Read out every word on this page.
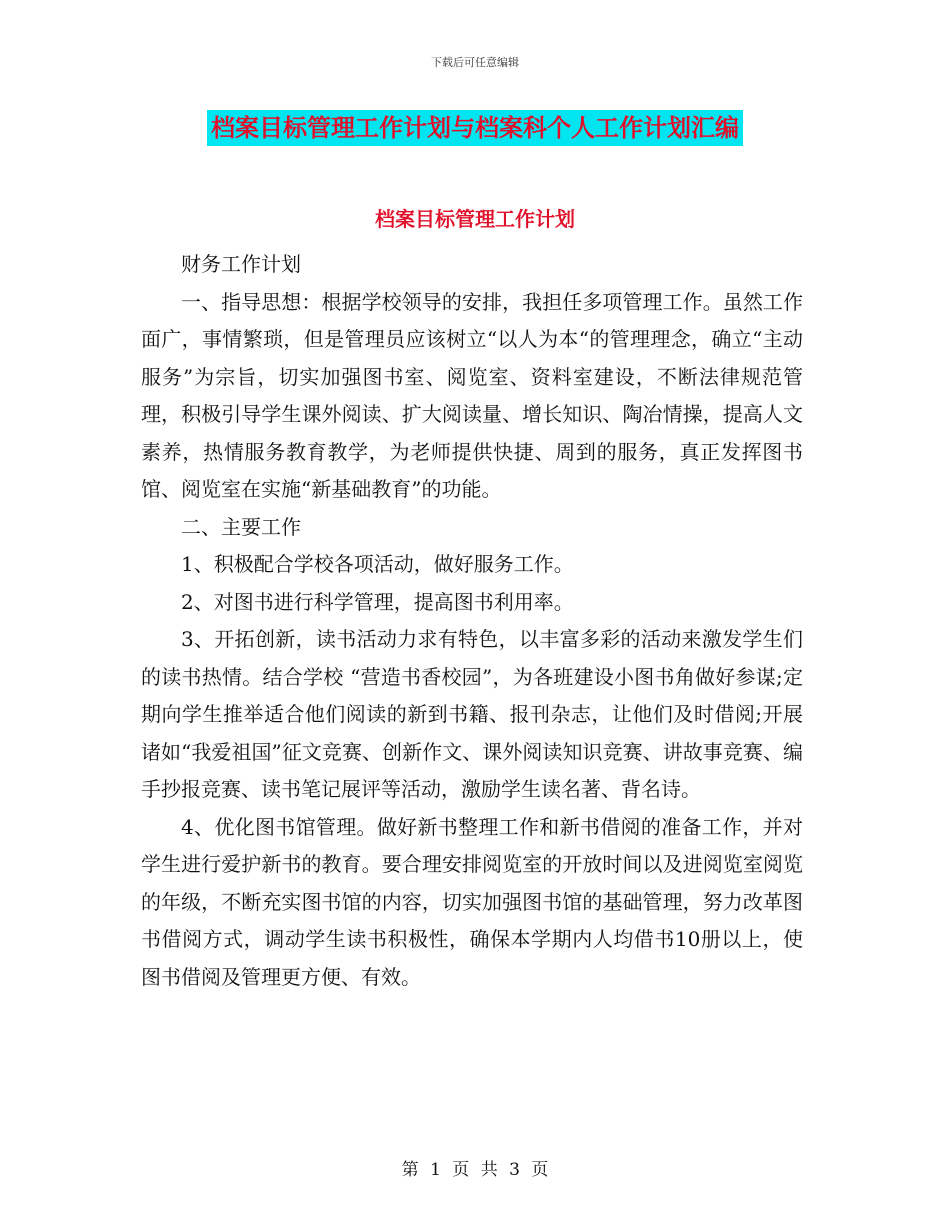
下载后可任意编辑
档案目标管理工作计划与档案科个人工作计划汇编
档案目标管理工作计划

财务工作计划

一、指导思想：根据学校领导的安排，我担任多项管理工作。虽然工作面广，事情繁琐，但是管理员应该树立“以人为本“的管理理念，确立“主动服务”为宗旨，切实加强图书室、阅览室、资料室建设，不断法律规范管理，积极引导学生课外阅读、扩大阅读量、增长知识、陶冶情操，提高人文素养，热情服务教育教学，为老师提供快捷、周到的服务，真正发挥图书馆、阅览室在实施“新基础教育”的功能。

二、主要工作

1、积极配合学校各项活动，做好服务工作。

2、对图书进行科学管理，提高图书利用率。

3、开拓创新，读书活动力求有特色，以丰富多彩的活动来激发学生们的读书热情。结合学校 “营造书香校园”，为各班建设小图书角做好参谋;定期向学生推举适合他们阅读的新到书籍、报刊杂志，让他们及时借阅;开展诸如“我爱祖国”征文竞赛、创新作文、课外阅读知识竞赛、讲故事竞赛、编手抄报竞赛、读书笔记展评等活动，激励学生读名著、背名诗。

4、优化图书馆管理。做好新书整理工作和新书借阅的准备工作，并对学生进行爱护新书的教育。要合理安排阅览室的开放时间以及进阅览室阅览的年级，不断充实图书馆的内容，切实加强图书馆的基础管理，努力改革图书借阅方式，调动学生读书积极性，确保本学期内人均借书10册以上，使图书借阅及管理更方便、有效。

第 1 页 共 3 页
